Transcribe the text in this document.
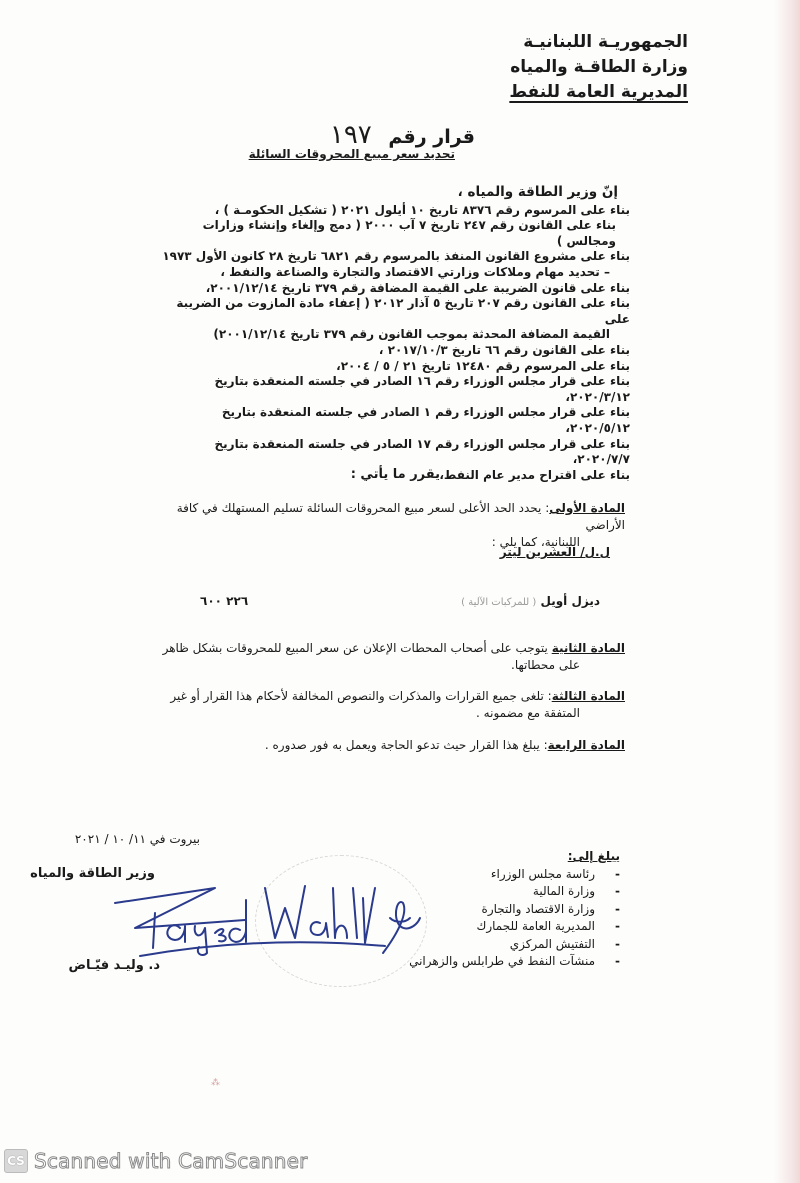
الجمهوريـة اللبنانيـة
وزارة الطاقـة والمياه
المديرية العامة للنفط
قرار رقم ١٩٧
تحديد سعر مبيع المحروقات السائلة
إنّ وزير الطاقة والمياه ،
بناء على المرسوم رقم ٨٣٧٦ تاريخ ١٠ أيلول ٢٠٢١ ( تشكيل الحكومـة ) ،
بناء على القانون رقم ٢٤٧ تاريخ ٧ آب ٢٠٠٠ ( دمج وإلغاء وإنشاء وزارات ومجالس )
بناء على مشروع القانون المنفذ بالمرسوم رقم ٦٨٢١ تاريخ ٢٨ كانون الأول ١٩٧٣
– تحديد مهام وملاكات وزارتي الاقتصاد والتجارة والصناعة والنفط ،
بناء على قانون الضريبة على القيمة المضافة رقم ٣٧٩ تاريخ ٢٠٠١/١٢/١٤،
بناء على القانون رقم ٢٠٧ تاريخ ٥ آذار ٢٠١٢ ( إعفاء مادة المازوت من الضريبة على
القيمة المضافة المحدثة بموجب القانون رقم ٣٧٩ تاريخ ٢٠٠١/١٢/١٤)
بناء على القانون رقم ٦٦ تاريخ ٢٠١٧/١٠/٣ ،
بناء على المرسوم رقم ١٢٤٨٠ تاريخ ٢١ / ٥ / ٢٠٠٤،
بناء على قرار مجلس الوزراء رقم ١٦ الصادر في جلسته المنعقدة بتاريخ ٢٠٢٠/٣/١٢،
بناء على قرار مجلس الوزراء رقم ١ الصادر في جلسته المنعقدة بتاريخ ٢٠٢٠/٥/١٢،
بناء على قرار مجلس الوزراء رقم ١٧ الصادر في جلسته المنعقدة بتاريخ ٢٠٢٠/٧/٧،
بناء على اقتراح مدير عام النفط،
يقرر ما يأتي :
المادة الأولى: يحدد الحد الأعلى لسعر مبيع المحروقات السائلة تسليم المستهلك في كافة الأراضي
اللبنانية، كما يلي :
ل.ل/ العشرين ليتر
ديزل أويل ( للمركبات الآلية )
٢٢٦ ٦٠٠
المادة الثانية يتوجب على أصحاب المحطات الإعلان عن سعر المبيع للمحروقات بشكل ظاهر
على محطاتها.
المادة الثالثة: تلغى جميع القرارات والمذكرات والنصوص المخالفة لأحكام هذا القرار أو غير
المتفقة مع مضمونه .
المادة الرابعة: يبلغ هذا القرار حيث تدعو الحاجة ويعمل به فور صدوره .
بيروت في ١١/ ١٠ / ٢٠٢١
وزير الطاقة والمياه
د. وليـد فيّـاض
يبلغ إلى:
- رئاسة مجلس الوزراء
- وزارة المالية
- وزارة الاقتصاد والتجارة
- المديرية العامة للجمارك
- التفتيش المركزي
- منشآت النفط في طرابلس والزهراني
⁂
CS Scanned with CamScanner
